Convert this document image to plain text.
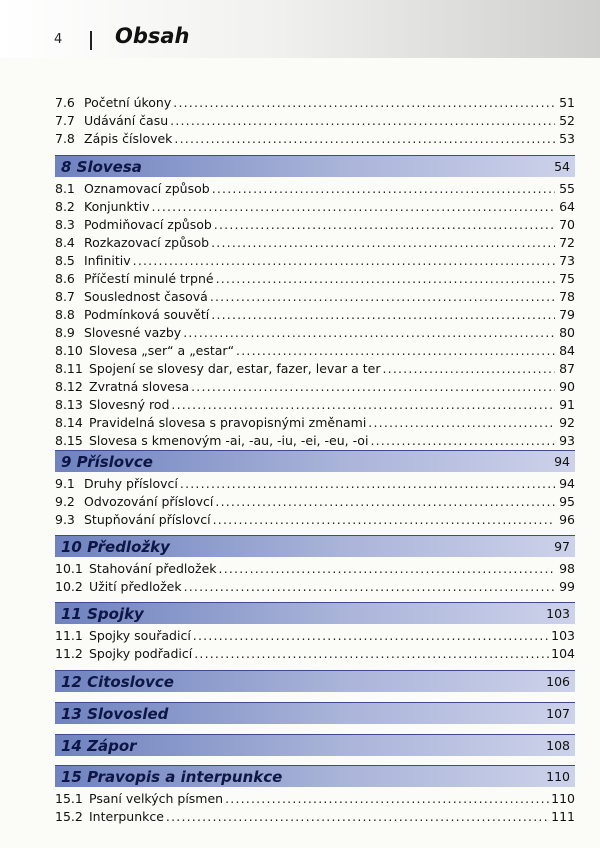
4	Obsah
7.6 Početní úkony .....	51
7.7 Udávání času .....	52
7.8 Zápis číslovek .....	53
8 Slovesa	54
8.1 Oznamovací způsob .....	55
8.2 Konjunktiv .....	64
8.3 Podmiňovací způsob .....	70
8.4 Rozkazovací způsob .....	72
8.5 Infinitiv .....	73
8.6 Příčestí minulé trpné .....	75
8.7 Souslednost časová .....	78
8.8 Podmínková souvětí .....	79
8.9 Slovesné vazby .....	80
8.10 Slovesa „ser“ a „estar“ .....	84
8.11 Spojení se slovesy dar, estar, fazer, levar a ter .....	87
8.12 Zvratná slovesa .....	90
8.13 Slovesný rod .....	91
8.14 Pravidelná slovesa s pravopisnými změnami .....	92
8.15 Slovesa s kmenovým -ai, -au, -iu, -ei, -eu, -oi .....	93
9 Příslovce	94
9.1 Druhy příslovcí .....	94
9.2 Odvozování příslovcí .....	95
9.3 Stupňování příslovcí .....	96
10 Předložky	97
10.1 Stahování předložek .....	98
10.2 Užití předložek .....	99
11 Spojky	103
11.1 Spojky souřadicí .....	103
11.2 Spojky podřadicí .....	104
12 Citoslovce	106
13 Slovosled	107
14 Zápor	108
15 Pravopis a interpunkce	110
15.1 Psaní velkých písmen .....	110
15.2 Interpunkce .....	111
